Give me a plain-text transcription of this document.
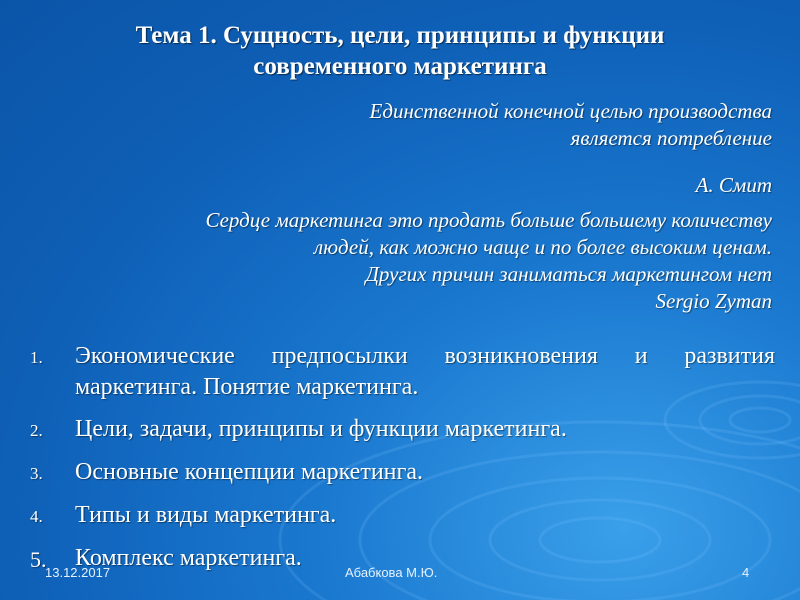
Тема 1. Сущность, цели, принципы и функции
современного маркетинга
Единственной конечной целью производства
является потребление
А. Смит
Сердце маркетинга это продать больше большему количеству
людей, как можно чаще и по более высоким ценам.
Других причин заниматься маркетингом нет
Sergio Zyman
1. Экономические предпосылки возникновения и развития маркетинга. Понятие маркетинга.
2. Цели, задачи, принципы и функции маркетинга.
3. Основные концепции маркетинга.
4. Типы и виды маркетинга.
5. Комплекс маркетинга.
13.12.2017	Абабкова М.Ю.	4
